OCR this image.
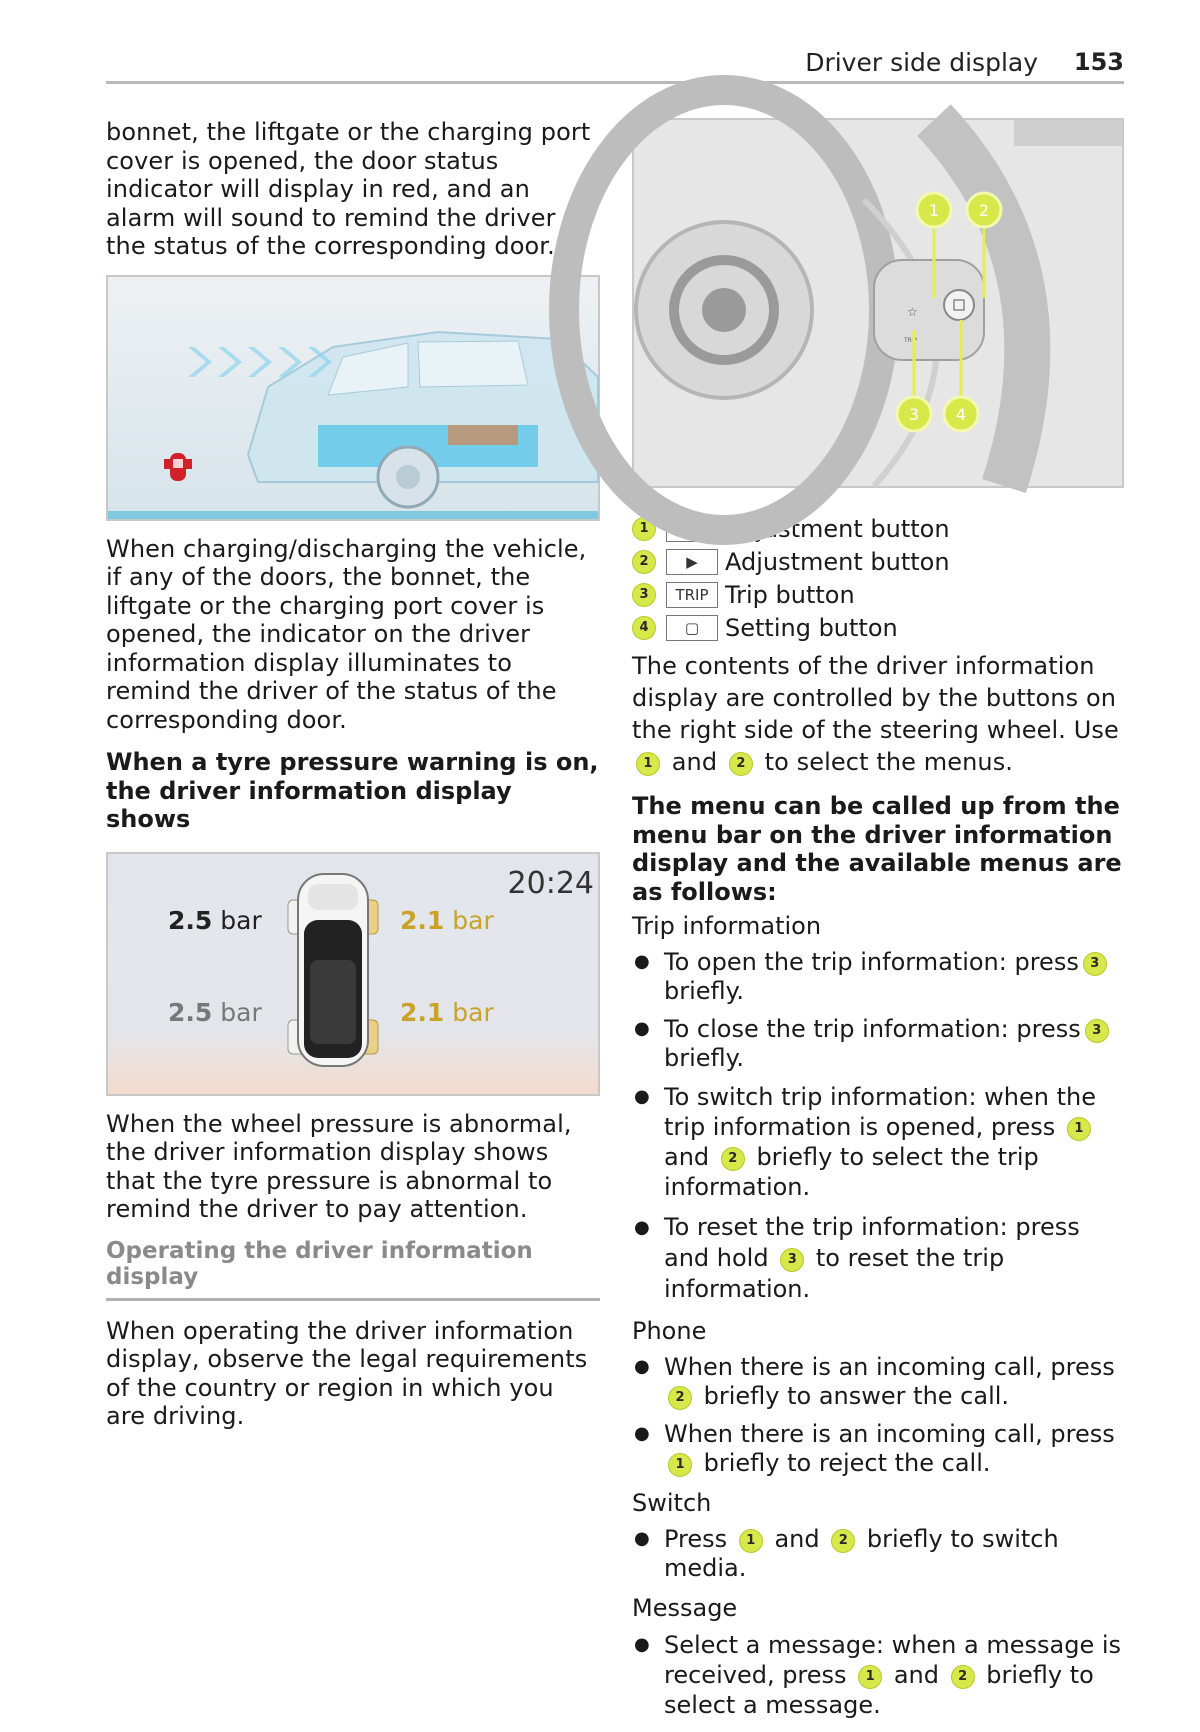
Driver side display 153

bonnet, the liftgate or the charging port cover is opened, the door status indicator will display in red, and an alarm will sound to remind the driver of the status of the corresponding door.

When charging/discharging the vehicle, if any of the doors, the bonnet, the liftgate or the charging port cover is opened, the indicator on the driver information display illuminates to remind the driver of the status of the corresponding door.

When a tyre pressure warning is on, the driver information display shows

20:24
2.5 bar	2.1 bar
2.5 bar	2.1 bar

When the wheel pressure is abnormal, the driver information display shows that the tyre pressure is abnormal to remind the driver to pay attention.

Operating the driver information display

When operating the driver information display, observe the legal requirements of the country or region in which you are driving.

☆
TRIP
1 2
3 4
1	◀	Adjustment button
2	▶	Adjustment button
3	TRIP Trip button
4	▢	Setting button

The contents of the driver information display are controlled by the buttons on the right side of the steering wheel. Use 1 and 2 to select the menus.

The menu can be called up from the menu bar on the driver information display and the available menus are as follows:

Trip information

● To open the trip information: press 3 briefly.
● To close the trip information: press 3 briefly.
● To switch trip information: when the trip information is opened, press 1 and 2 briefly to select the trip information.
● To reset the trip information: press and hold 3 to reset the trip information.

Phone

● When there is an incoming call, press2 briefly to answer the call.
● When there is an incoming call, press1 briefly to reject the call.

Switch

● Press 1 and 2 briefly to switch media.

Message

● Select a message: when a message is received, press 1 and 2 briefly to select a message.
